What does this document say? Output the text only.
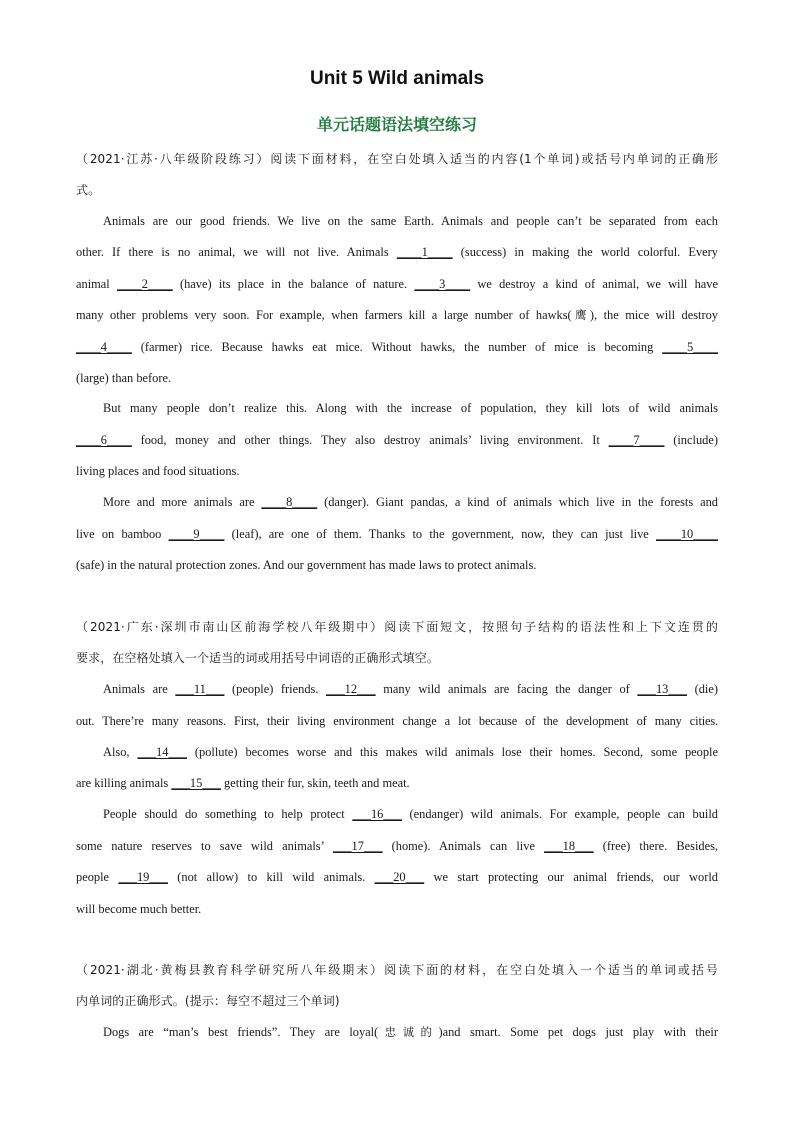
Unit 5 Wild animals
单元话题语法填空练习
（2021·江苏·八年级阶段练习）阅读下面材料，在空白处填入适当的内容(1个单词)或括号内单词的正确形
式。
Animals are our good friends. We live on the same Earth. Animals and people can’t be separated from each
other. If there is no animal, we will not live. Animals ____1____ (success) in making the world colorful. Every
animal ____2____ (have) its place in the balance of nature. ____3____ we destroy a kind of animal, we will have
many other problems very soon. For example, when farmers kill a large number of hawks(鹰), the mice will destroy
____4____ (farmer) rice. Because hawks eat mice. Without hawks, the number of mice is becoming ____5____
(large) than before.
But many people don’t realize this. Along with the increase of population, they kill lots of wild animals
____6____ food, money and other things. They also destroy animals’ living environment. It ____7____ (include)
living places and food situations.
More and more animals are ____8____ (danger). Giant pandas, a kind of animals which live in the forests and
live on bamboo ____9____ (leaf), are one of them. Thanks to the government, now, they can just live ____10____
(safe) in the natural protection zones. And our government has made laws to protect animals.
（2021·广东·深圳市南山区前海学校八年级期中）阅读下面短文，按照句子结构的语法性和上下文连贯的
要求，在空格处填入一个适当的词或用括号中词语的正确形式填空。
Animals are ___11___ (people) friends. ___12___ many wild animals are facing the danger of ___13___ (die)
out. There’re many reasons. First, their living environment change a lot because of the development of many cities.
Also, ___14___ (pollute) becomes worse and this makes wild animals lose their homes. Second, some people
are killing animals ___15___ getting their fur, skin, teeth and meat.
People should do something to help protect ___16___ (endanger) wild animals. For example, people can build
some nature reserves to save wild animals’ ___17___ (home). Animals can live ___18___ (free) there. Besides,
people ___19___ (not allow) to kill wild animals. ___20___ we start protecting our animal friends, our world
will become much better.
（2021·湖北·黄梅县教育科学研究所八年级期末）阅读下面的材料，在空白处填入一个适当的单词或括号
内单词的正确形式。(提示：每空不超过三个单词)
Dogs are “man’s best friends”. They are loyal(忠诚的)and smart. Some pet dogs just play with their
